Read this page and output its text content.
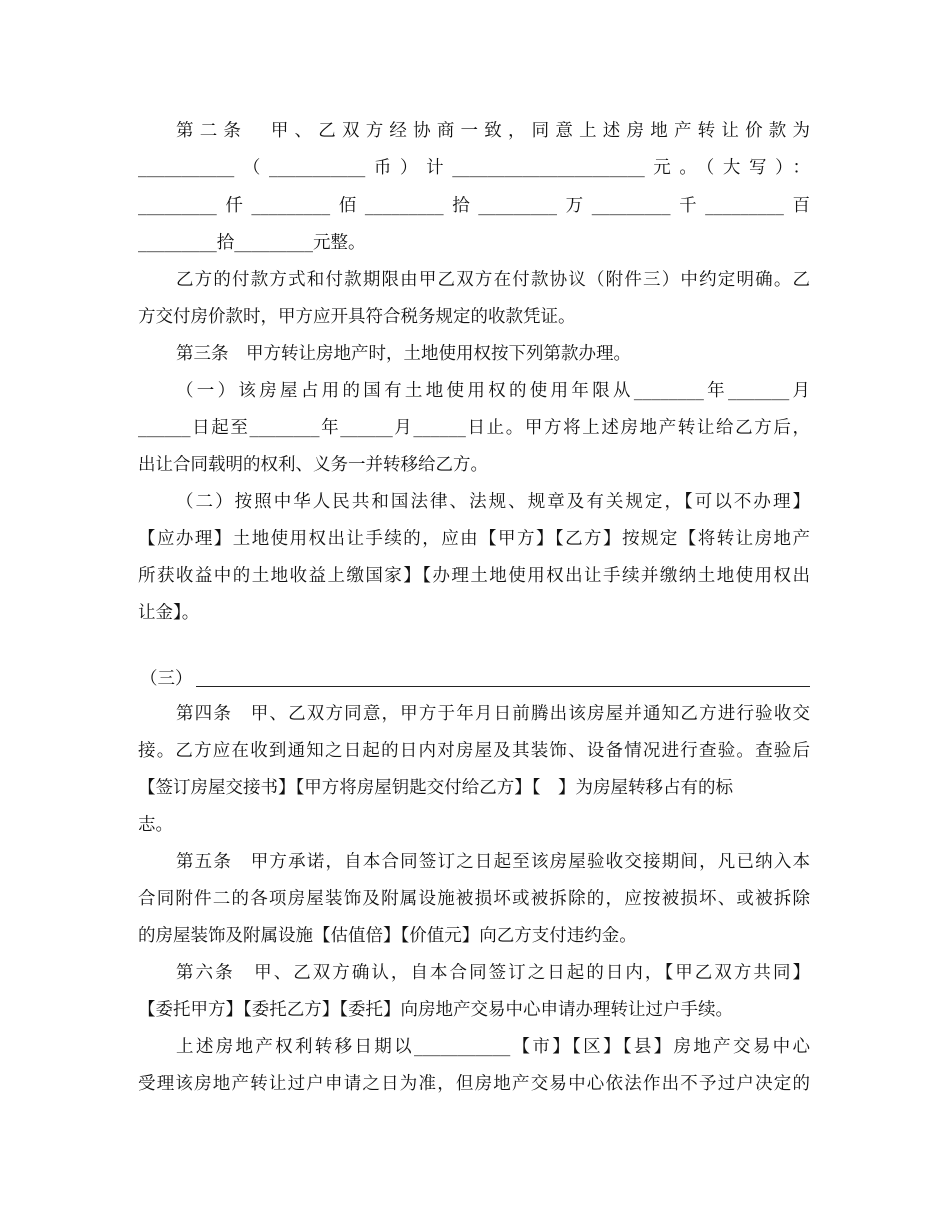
第二条　甲、乙双方经协商一致，同意上述房地产转让价款为
___________（___________币）计______________________元。（大写）：
_________仟_________佰_________拾_________万_________千_________百
_________拾_________元整。
乙方的付款方式和付款期限由甲乙双方在付款协议（附件三）中约定明确。乙
方交付房价款时，甲方应开具符合税务规定的收款凭证。
第三条　甲方转让房地产时，土地使用权按下列第款办理。
（一）该房屋占用的国有土地使用权的使用年限从________年_______月
______日起至________年______月______日止。甲方将上述房地产转让给乙方后，
出让合同载明的权利、义务一并转移给乙方。
（二）按照中华人民共和国法律、法规、规章及有关规定，【可以不办理】
【应办理】土地使用权出让手续的，应由【甲方】【乙方】按规定【将转让房地产
所获收益中的土地收益上缴国家】【办理土地使用权出让手续并缴纳土地使用权出
让金】。
（三）
第四条　甲、乙双方同意，甲方于年月日前腾出该房屋并通知乙方进行验收交
接。乙方应在收到通知之日起的日内对房屋及其装饰、设备情况进行查验。查验后
【签订房屋交接书】【甲方将房屋钥匙交付给乙方】【　】为房屋转移占有的标
志。
第五条　甲方承诺，自本合同签订之日起至该房屋验收交接期间，凡已纳入本
合同附件二的各项房屋装饰及附属设施被损坏或被拆除的，应按被损坏、或被拆除
的房屋装饰及附属设施【估值倍】【价值元】向乙方支付违约金。
第六条　甲、乙双方确认，自本合同签订之日起的日内，【甲乙双方共同】
【委托甲方】【委托乙方】【委托】向房地产交易中心申请办理转让过户手续。
上述房地产权利转移日期以___________【市】【区】【县】房地产交易中心
受理该房地产转让过户申请之日为准，但房地产交易中心依法作出不予过户决定的
